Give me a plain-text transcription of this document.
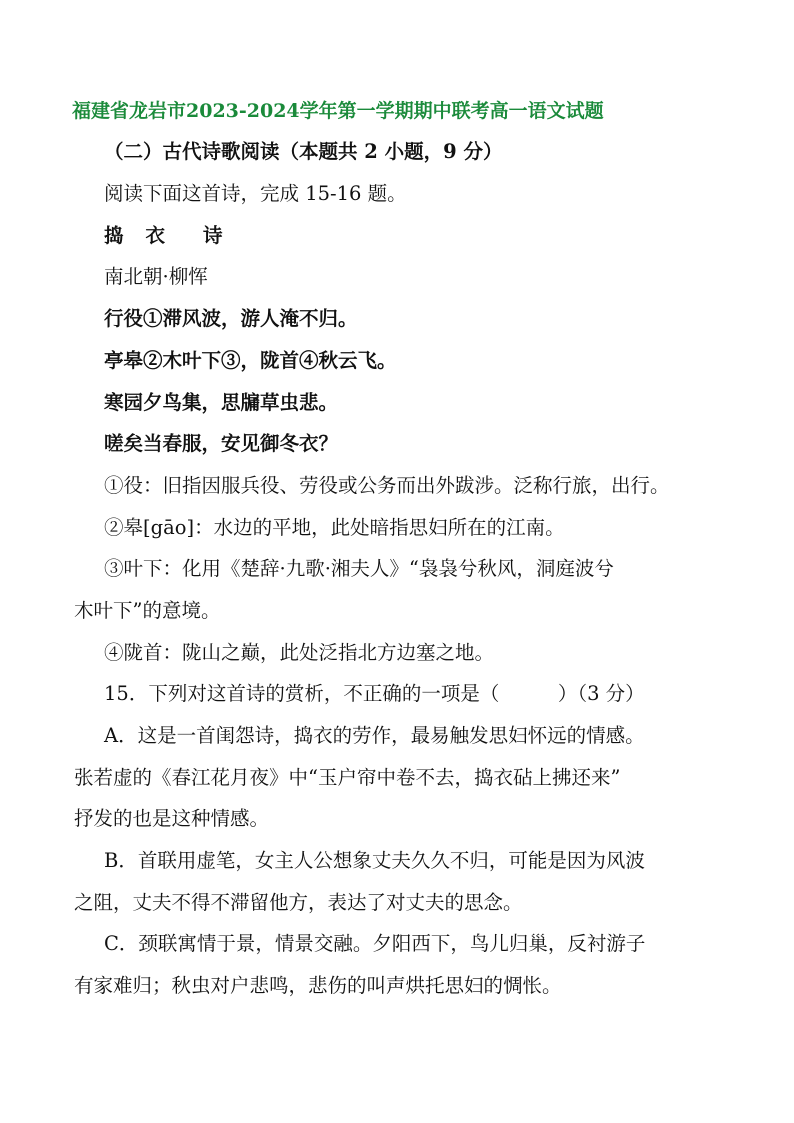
福建省龙岩市2023-2024学年第一学期期中联考高一语文试题
（二）古代诗歌阅读（本题共 2 小题，9 分）
阅读下面这首诗，完成 15-16 题。
捣 衣 诗
南北朝·柳恽
行役①滞风波，游人淹不归。
亭皋②木叶下③，陇首④秋云飞。
寒园夕鸟集，思牖草虫悲。
嗟矣当春服，安见御冬衣？
①役：旧指因服兵役、劳役或公务而出外跋涉。泛称行旅，出行。
②皋[gāo]：水边的平地，此处暗指思妇所在的江南。
③叶下：化用《楚辞·九歌·湘夫人》“袅袅兮秋风，洞庭波兮
木叶下”的意境。
④陇首：陇山之巅，此处泛指北方边塞之地。
15．下列对这首诗的赏析，不正确的一项是（　　　）（3 分）
A．这是一首闺怨诗，捣衣的劳作，最易触发思妇怀远的情感。
张若虚的《春江花月夜》中“玉户帘中卷不去，捣衣砧上拂还来”
抒发的也是这种情感。
B．首联用虚笔，女主人公想象丈夫久久不归，可能是因为风波
之阻，丈夫不得不滞留他方，表达了对丈夫的思念。
C．颈联寓情于景，情景交融。夕阳西下，鸟儿归巢，反衬游子
有家难归；秋虫对户悲鸣，悲伤的叫声烘托思妇的惆怅。
